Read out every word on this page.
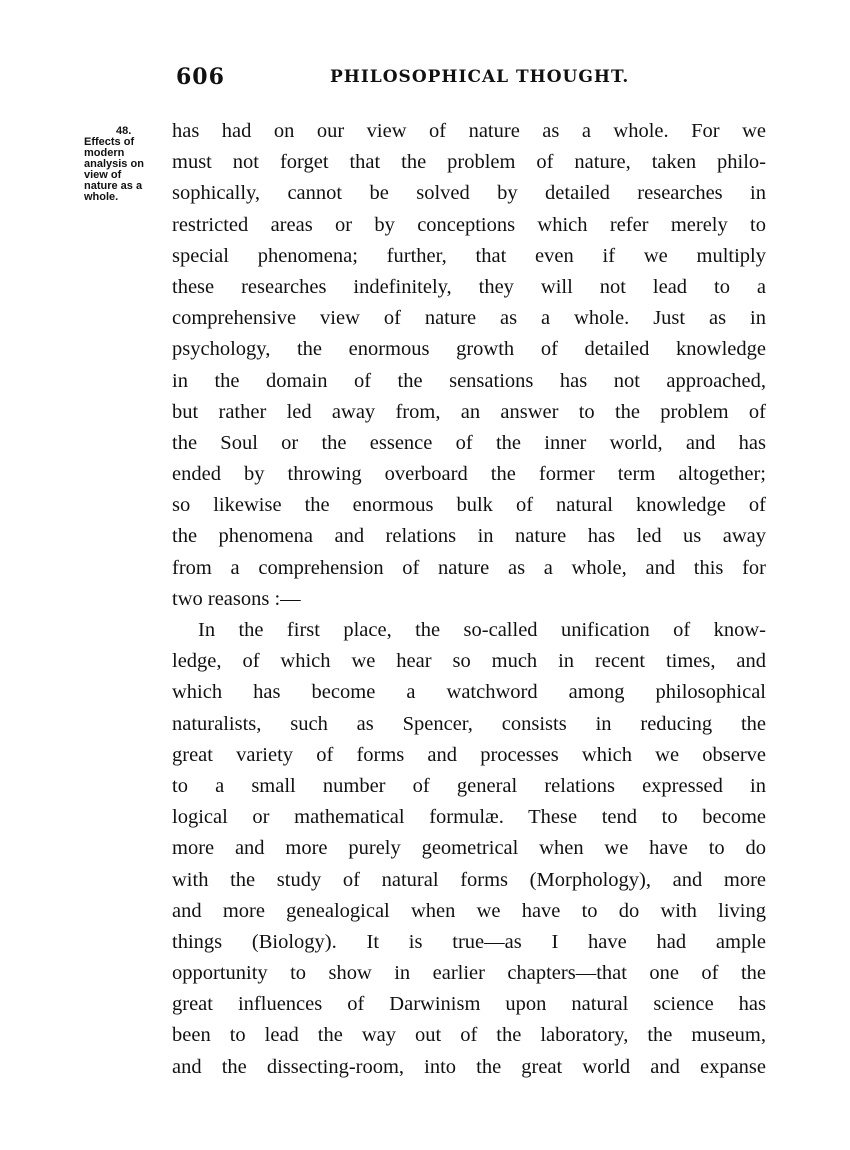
606	PHILOSOPHICAL THOUGHT.
48.
Effects of
modern
analysis on
view of
nature as a
whole.
has had on our view of nature as a whole. For we
must not forget that the problem of nature, taken philo-
sophically, cannot be solved by detailed researches in
restricted areas or by conceptions which refer merely to
special phenomena; further, that even if we multiply
these researches indefinitely, they will not lead to a
comprehensive view of nature as a whole. Just as in
psychology, the enormous growth of detailed knowledge
in the domain of the sensations has not approached,
but rather led away from, an answer to the problem of
the Soul or the essence of the inner world, and has
ended by throwing overboard the former term altogether;
so likewise the enormous bulk of natural knowledge of
the phenomena and relations in nature has led us away
from a comprehension of nature as a whole, and this for
two reasons :—
In the first place, the so-called unification of know-
ledge, of which we hear so much in recent times, and
which has become a watchword among philosophical
naturalists, such as Spencer, consists in reducing the
great variety of forms and processes which we observe
to a small number of general relations expressed in
logical or mathematical formulæ. These tend to become
more and more purely geometrical when we have to do
with the study of natural forms (Morphology), and more
and more genealogical when we have to do with living
things (Biology). It is true—as I have had ample
opportunity to show in earlier chapters—that one of the
great influences of Darwinism upon natural science has
been to lead the way out of the laboratory, the museum,
and the dissecting-room, into the great world and expanse
